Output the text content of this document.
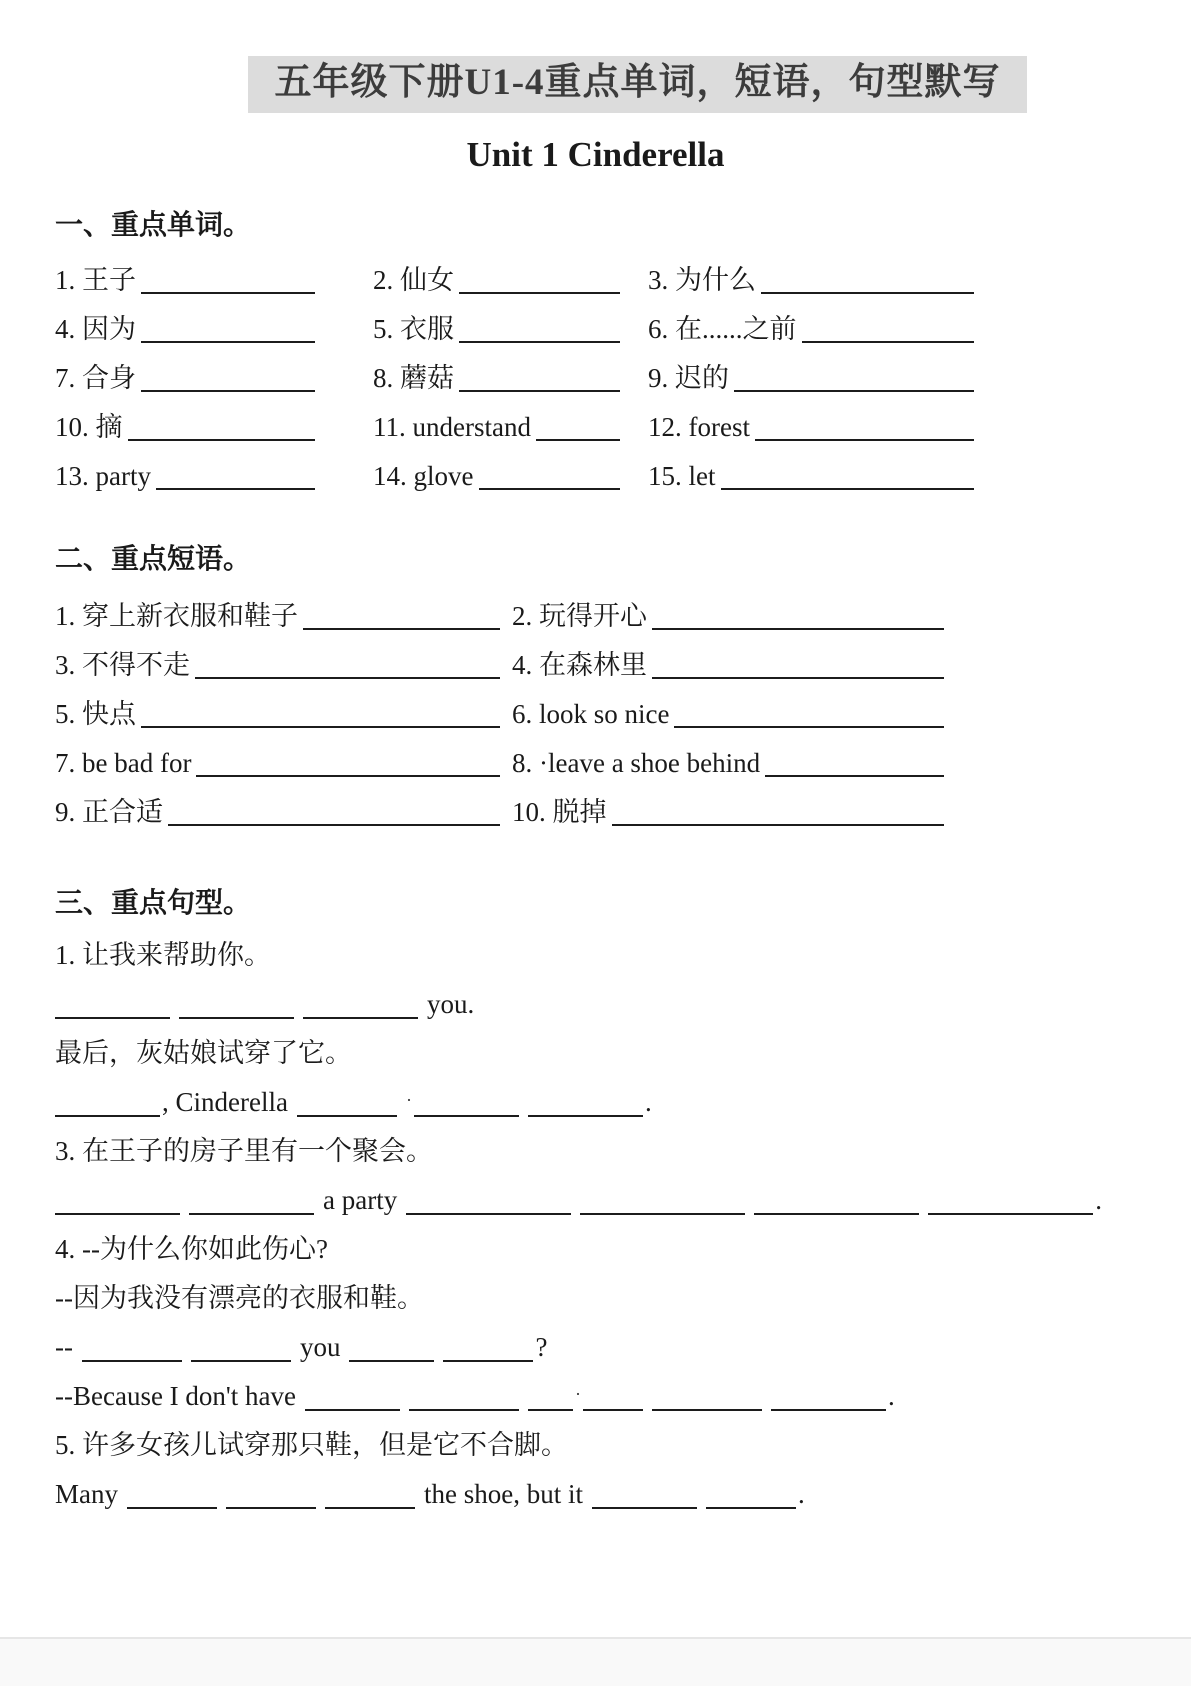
五年级下册U1-4重点单词，短语，句型默写
Unit 1 Cinderella
一、重点单词。
1. 王子	2. 仙女	3. 为什么
4. 因为	5. 衣服	6. 在......之前
7. 合身	8. 蘑菇	9. 迟的
10. 摘	11. understand	12. forest
13. party	14. glove	15. let
二、重点短语。
1. 穿上新衣服和鞋子	2. 玩得开心
3. 不得不走	4. 在森林里
5. 快点	6. look so nice
7. be bad for	8. ·leave a shoe behind
9. 正合适	10. 脱掉
三、重点句型。
1. 让我来帮助你。
you.
最后，灰姑娘试穿了它。
, Cinderella	·	.
3. 在王子的房子里有一个聚会。
a party	.
4. --为什么你如此伤心?
--因为我没有漂亮的衣服和鞋。
--	you	?
--Because I don't have	·	.
5. 许多女孩儿试穿那只鞋，但是它不合脚。
Many	the shoe, but it	.
